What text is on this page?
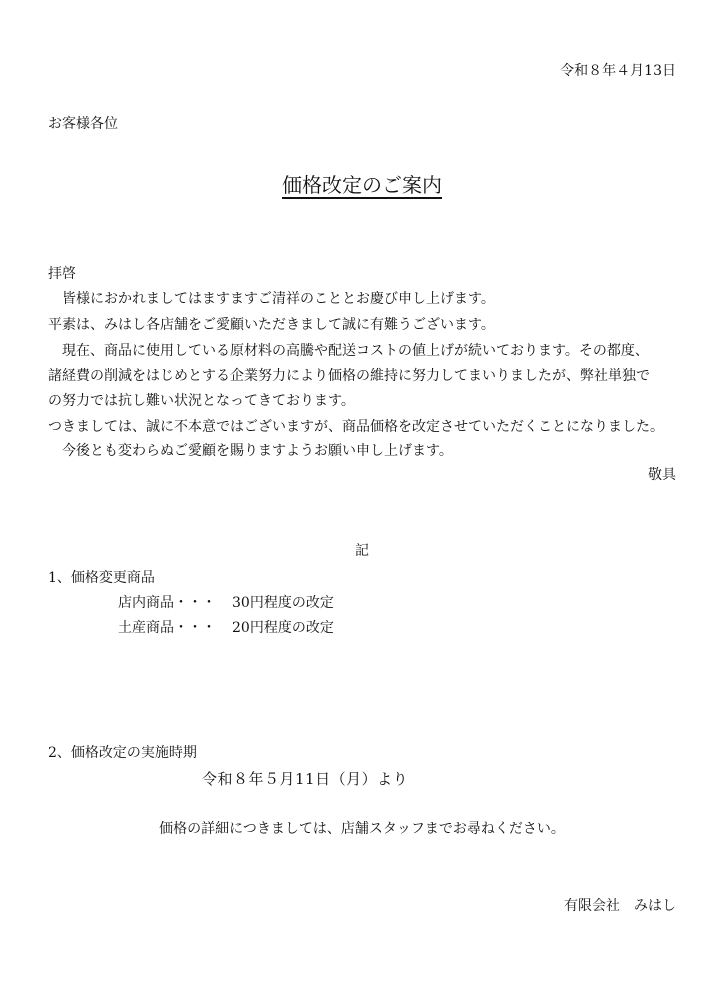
令和８年４月13日
お客様各位
価格改定のご案内
拝啓
皆様におかれましてはますますご清祥のこととお慶び申し上げます。
平素は、みはし各店舗をご愛顧いただきまして誠に有難うございます。
現在、商品に使用している原材料の高騰や配送コストの値上げが続いております。その都度、
諸経費の削減をはじめとする企業努力により価格の維持に努力してまいりましたが、弊社単独で
の努力では抗し難い状況となってきております。
つきましては、誠に不本意ではございますが、商品価格を改定させていただくことになりました。
今後とも変わらぬご愛顧を賜りますようお願い申し上げます。
敬具
記
1、価格変更商品
店内商品・・・ 30円程度の改定
土産商品・・・ 20円程度の改定
2、価格改定の実施時期
令和８年５月11日（月）より
価格の詳細につきましては、店舗スタッフまでお尋ねください。
有限会社　みはし
